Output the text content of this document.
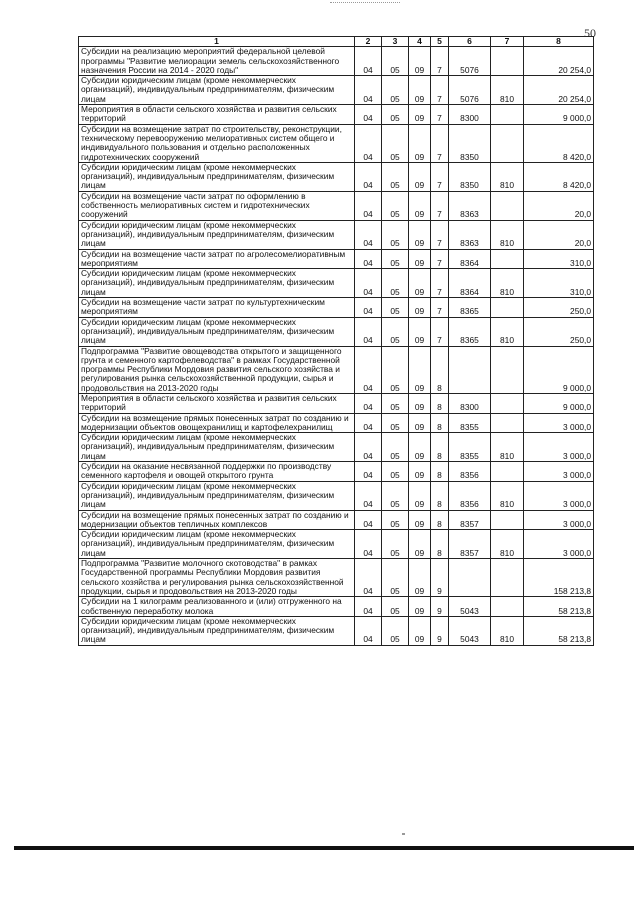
50
1	2	3	4	5	6	7	8
Субсидии на реализацию мероприятий федеральной целевой программы "Развитие мелиорации земель сельскохозяйственного назначения России на 2014 - 2020 годы"	04	05	09	7	5076		20 254,0
Субсидии юридическим лицам (кроме некоммерческих организаций), индивидуальным предпринимателям, физическим лицам	04	05	09	7	5076	810	20 254,0
Мероприятия в области сельского хозяйства и развития сельских территорий	04	05	09	7	8300		9 000,0
Субсидии на возмещение затрат по строительству, реконструкции, техническому перевооружению мелиоративных систем общего и индивидуального пользования и отдельно расположенных гидротехнических сооружений	04	05	09	7	8350		8 420,0
Субсидии юридическим лицам (кроме некоммерческих организаций), индивидуальным предпринимателям, физическим лицам	04	05	09	7	8350	810	8 420,0
Субсидии на возмещение части затрат по оформлению в собственность мелиоративных систем и гидротехнических сооружений	04	05	09	7	8363		20,0
Субсидии юридическим лицам (кроме некоммерческих организаций), индивидуальным предпринимателям, физическим лицам	04	05	09	7	8363	810	20,0
Субсидии на возмещение части затрат по агролесомелиоративным мероприятиям	04	05	09	7	8364		310,0
Субсидии юридическим лицам (кроме некоммерческих организаций), индивидуальным предпринимателям, физическим лицам	04	05	09	7	8364	810	310,0
Субсидии на возмещение части затрат по культуртехническим мероприятиям	04	05	09	7	8365		250,0
Субсидии юридическим лицам (кроме некоммерческих организаций), индивидуальным предпринимателям, физическим лицам	04	05	09	7	8365	810	250,0
Подпрограмма "Развитие овощеводства открытого и защищенного грунта и семенного картофелеводства" в рамках Государственной программы Республики Мордовия развития сельского хозяйства и регулирования рынка сельскохозяйственной продукции, сырья и продовольствия на 2013-2020 годы	04	05	09	8			9 000,0
Мероприятия в области сельского хозяйства и развития сельских территорий	04	05	09	8	8300		9 000,0
Субсидии на возмещение прямых понесенных затрат по созданию и модернизации объектов овощехранилищ и картофелехранилищ	04	05	09	8	8355		3 000,0
Субсидии юридическим лицам (кроме некоммерческих организаций), индивидуальным предпринимателям, физическим лицам	04	05	09	8	8355	810	3 000,0
Субсидии на оказание несвязанной поддержки по производству семенного картофеля и овощей открытого грунта	04	05	09	8	8356		3 000,0
Субсидии юридическим лицам (кроме некоммерческих организаций), индивидуальным предпринимателям, физическим лицам	04	05	09	8	8356	810	3 000,0
Субсидии на возмещение прямых понесенных затрат по созданию и модернизации объектов тепличных комплексов	04	05	09	8	8357		3 000,0
Субсидии юридическим лицам (кроме некоммерческих организаций), индивидуальным предпринимателям, физическим лицам	04	05	09	8	8357	810	3 000,0
Подпрограмма "Развитие молочного скотоводства" в рамках Государственной программы Республики Мордовия развития сельского хозяйства и регулирования рынка сельскохозяйственной продукции, сырья и продовольствия на 2013-2020 годы	04	05	09	9			158 213,8
Субсидии на 1 килограмм реализованного и (или) отгруженного на собственную переработку молока	04	05	09	9	5043		58 213,8
Субсидии юридическим лицам (кроме некоммерческих организаций), индивидуальным предпринимателям, физическим лицам	04	05	09	9	5043	810	58 213,8
